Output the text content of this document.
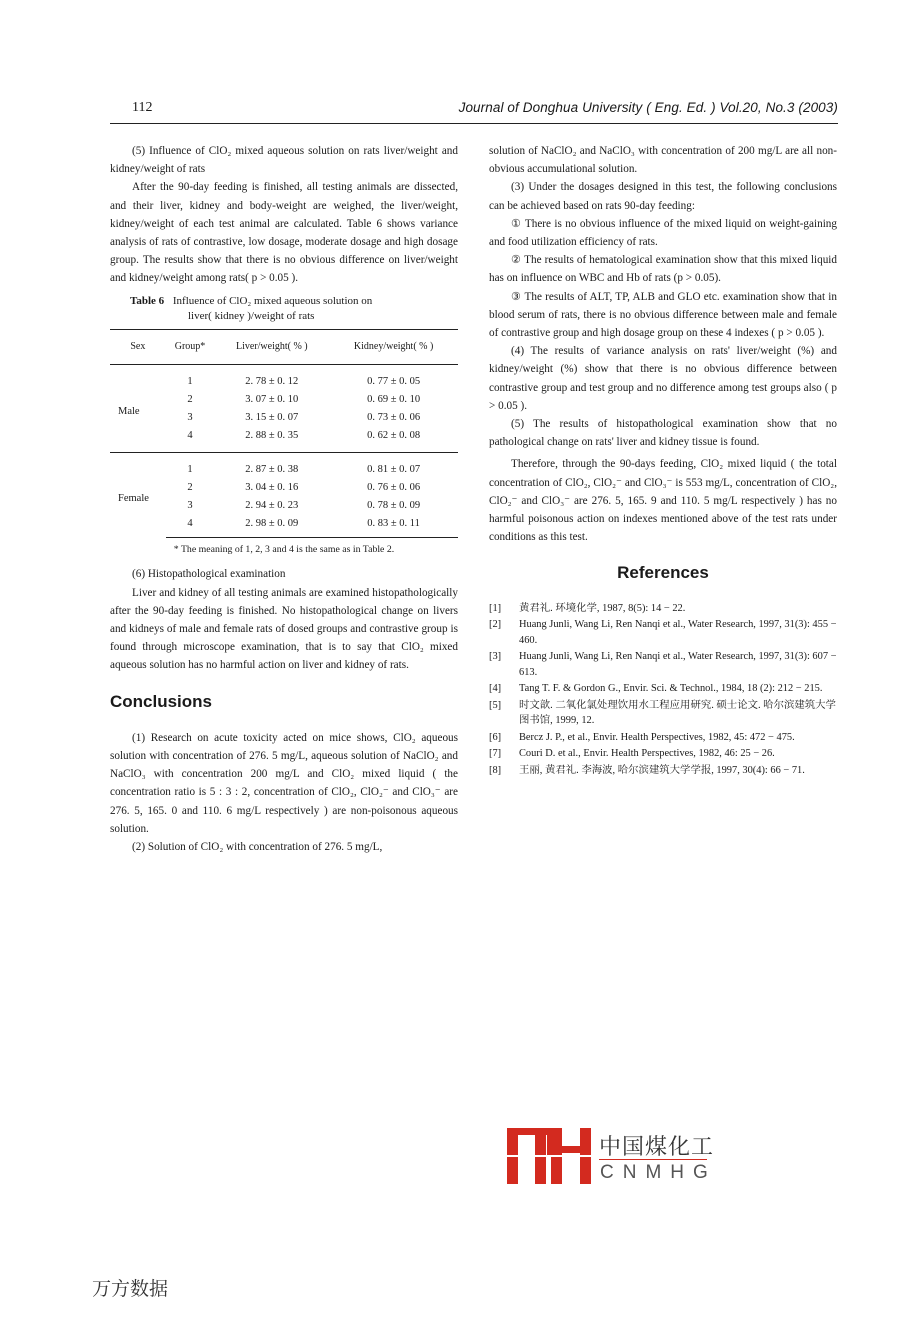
112	Journal of Donghua University ( Eng. Ed. ) Vol.20, No.3 (2003)

(5) Influence of ClO₂ mixed aqueous solution on rats liver/weight and kidney/weight of rats

After the 90-day feeding is finished, all testing animals are dissected, and their liver, kidney and body-weight are weighed, the liver/weight, kidney/weight of each test animal are calculated. Table 6 shows variance analysis of rats of contrastive, low dosage, moderate dosage and high dosage group. The results show that there is no obvious difference on liver/weight and kidney/weight among rats( p > 0.05 ).

Table 6 Influence of ClO₂ mixed aqueous solution on
liver( kidney )/weight of rats
Sex	Group*	Liver/weight( % )	Kidney/weight( % )
Male	1	2. 78 ± 0. 12	0. 77 ± 0. 05
	2	3. 07 ± 0. 10	0. 69 ± 0. 10
	3	3. 15 ± 0. 07	0. 73 ± 0. 06
	4	2. 88 ± 0. 35	0. 62 ± 0. 08
Female	1	2. 87 ± 0. 38	0. 81 ± 0. 07
	2	3. 04 ± 0. 16	0. 76 ± 0. 06
	3	2. 94 ± 0. 23	0. 78 ± 0. 09
	4	2. 98 ± 0. 09	0. 83 ± 0. 11
* The meaning of 1, 2, 3 and 4 is the same as in Table 2.

(6) Histopathological examination

Liver and kidney of all testing animals are examined histopathologically after the 90-day feeding is finished. No histopathological change on livers and kidneys of male and female rats of dosed groups and contrastive group is found through microscope examination, that is to say that ClO₂ mixed aqueous solution has no harmful action on liver and kidney of rats.

Conclusions

(1) Research on acute toxicity acted on mice shows, ClO₂ aqueous solution with concentration of 276. 5 mg/L, aqueous solution of NaClO₂ and NaClO₃ with concentration 200 mg/L and ClO₂ mixed liquid ( the concentration ratio is 5 : 3 : 2, concentration of ClO₂, ClO₂⁻ and ClO₃⁻ are 276. 5, 165. 0 and 110. 6 mg/L respectively ) are non-poisonous aqueous solution.

(2) Solution of ClO₂ with concentration of 276. 5 mg/L,

solution of NaClO₂ and NaClO₃ with concentration of 200 mg/L are all non-obvious accumulational solution.

(3) Under the dosages designed in this test, the following conclusions can be achieved based on rats 90-day feeding:

① There is no obvious influence of the mixed liquid on weight-gaining and food utilization efficiency of rats.

② The results of hematological examination show that this mixed liquid has on influence on WBC and Hb of rats (p > 0.05).

③ The results of ALT, TP, ALB and GLO etc. examination show that in blood serum of rats, there is no obvious difference between male and female of contrastive group and high dosage group on these 4 indexes ( p > 0.05 ).

(4) The results of variance analysis on rats' liver/weight (%) and kidney/weight (%) show that there is no obvious difference between contrastive group and test group and no difference among test groups also ( p > 0.05 ).

(5) The results of histopathological examination show that no pathological change on rats' liver and kidney tissue is found.

Therefore, through the 90-days feeding, ClO₂ mixed liquid ( the total concentration of ClO₂, ClO₂⁻ and ClO₃⁻ is 553 mg/L, concentration of ClO₂, ClO₂⁻ and ClO₃⁻ are 276. 5, 165. 9 and 110. 5 mg/L respectively ) has no harmful poisonous action on indexes mentioned above of the test rats under conditions as this test.

References
[1]	黄君礼. 环境化学, 1987, 8(5): 14 − 22.
[2]	Huang Junli, Wang Li, Ren Nanqi et al., Water Research, 1997, 31(3): 455 − 460.
[3]	Huang Junli, Wang Li, Ren Nanqi et al., Water Research, 1997, 31(3): 607 − 613.
[4]	Tang T. F. & Gordon G., Envir. Sci. & Technol., 1984, 18 (2): 212 − 215.
[5]	时文歆. 二氧化氯处理饮用水工程应用研究. 硕士论文. 哈尔滨建筑大学图书馆, 1999, 12.
[6]	Bercz J. P., et al., Envir. Health Perspectives, 1982, 45: 472 − 475.
[7]	Couri D. et al., Envir. Health Perspectives, 1982, 46: 25 − 26.
[8]	王丽, 黄君礼. 李海波, 哈尔滨建筑大学学报, 1997, 30(4): 66 − 71.
中国煤化工
CNMHG
万方数据
